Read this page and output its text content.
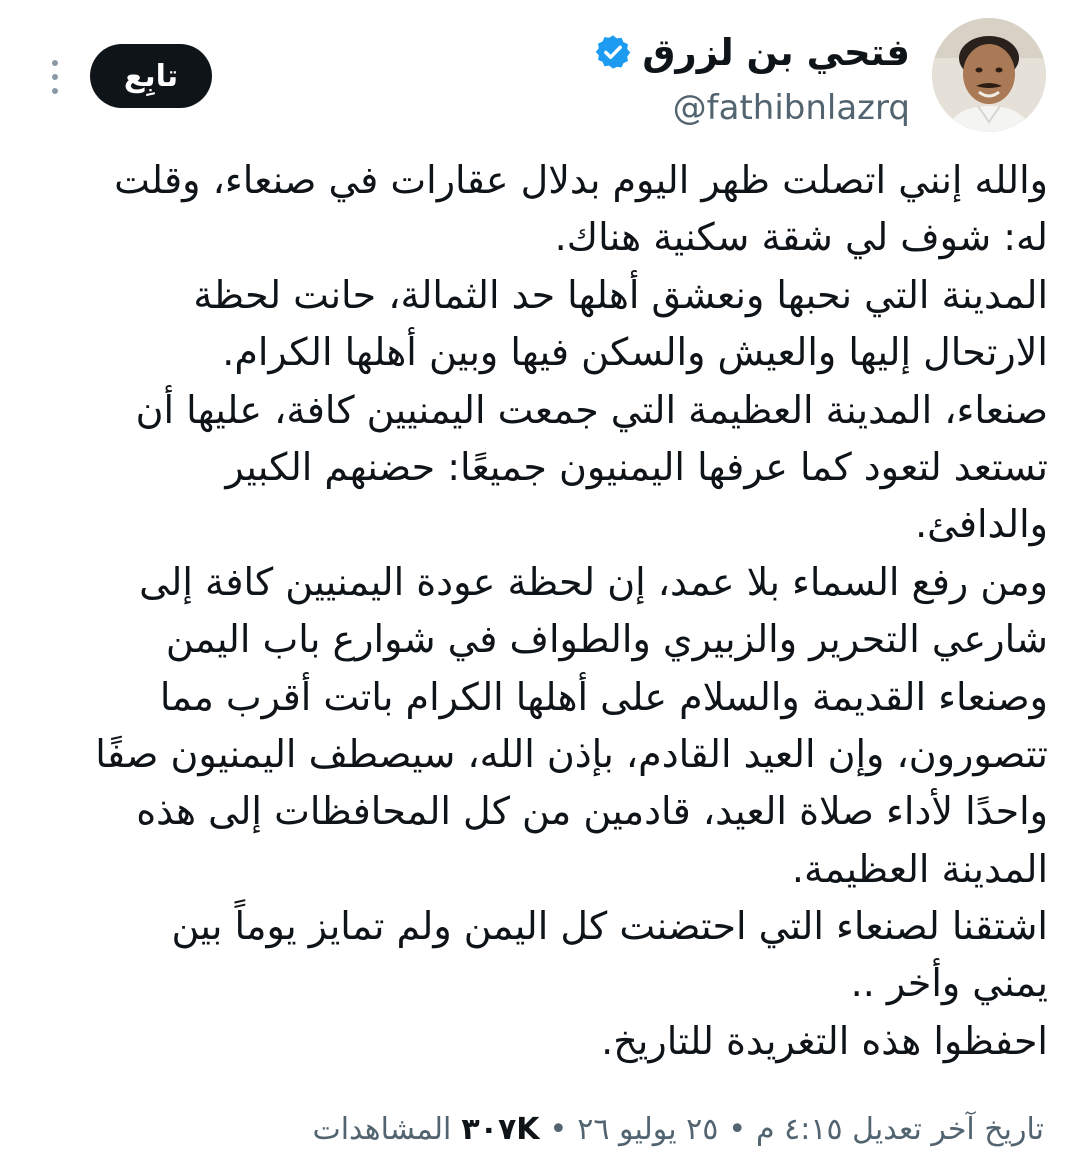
فتحي بن لزرق
@fathibnlazrq
تابِع
والله إنني اتصلت ظهر اليوم بدلال عقارات في صنعاء، وقلت
له: شوف لي شقة سكنية هناك.
المدينة التي نحبها ونعشق أهلها حد الثمالة، حانت لحظة
الارتحال إليها والعيش والسكن فيها وبين أهلها الكرام.
صنعاء، المدينة العظيمة التي جمعت اليمنيين كافة، عليها أن
تستعد لتعود كما عرفها اليمنيون جميعًا: حضنهم الكبير
والدافئ.
ومن رفع السماء بلا عمد، إن لحظة عودة اليمنيين كافة إلى
شارعي التحرير والزبيري والطواف في شوارع باب اليمن
وصنعاء القديمة والسلام على أهلها الكرام باتت أقرب مما
تتصورون، وإن العيد القادم، بإذن الله، سيصطف اليمنيون صفًا
واحدًا لأداء صلاة العيد، قادمين من كل المحافظات إلى هذه
المدينة العظيمة.
اشتقنا لصنعاء التي احتضنت كل اليمن ولم تمايز يوماً بين
يمني وأخر ..
احفظوا هذه التغريدة للتاريخ.
تاريخ آخر تعديل ٤:١٥ م
•
٢٥ يوليو ٢٦
•
٣٠٧K
المشاهدات
